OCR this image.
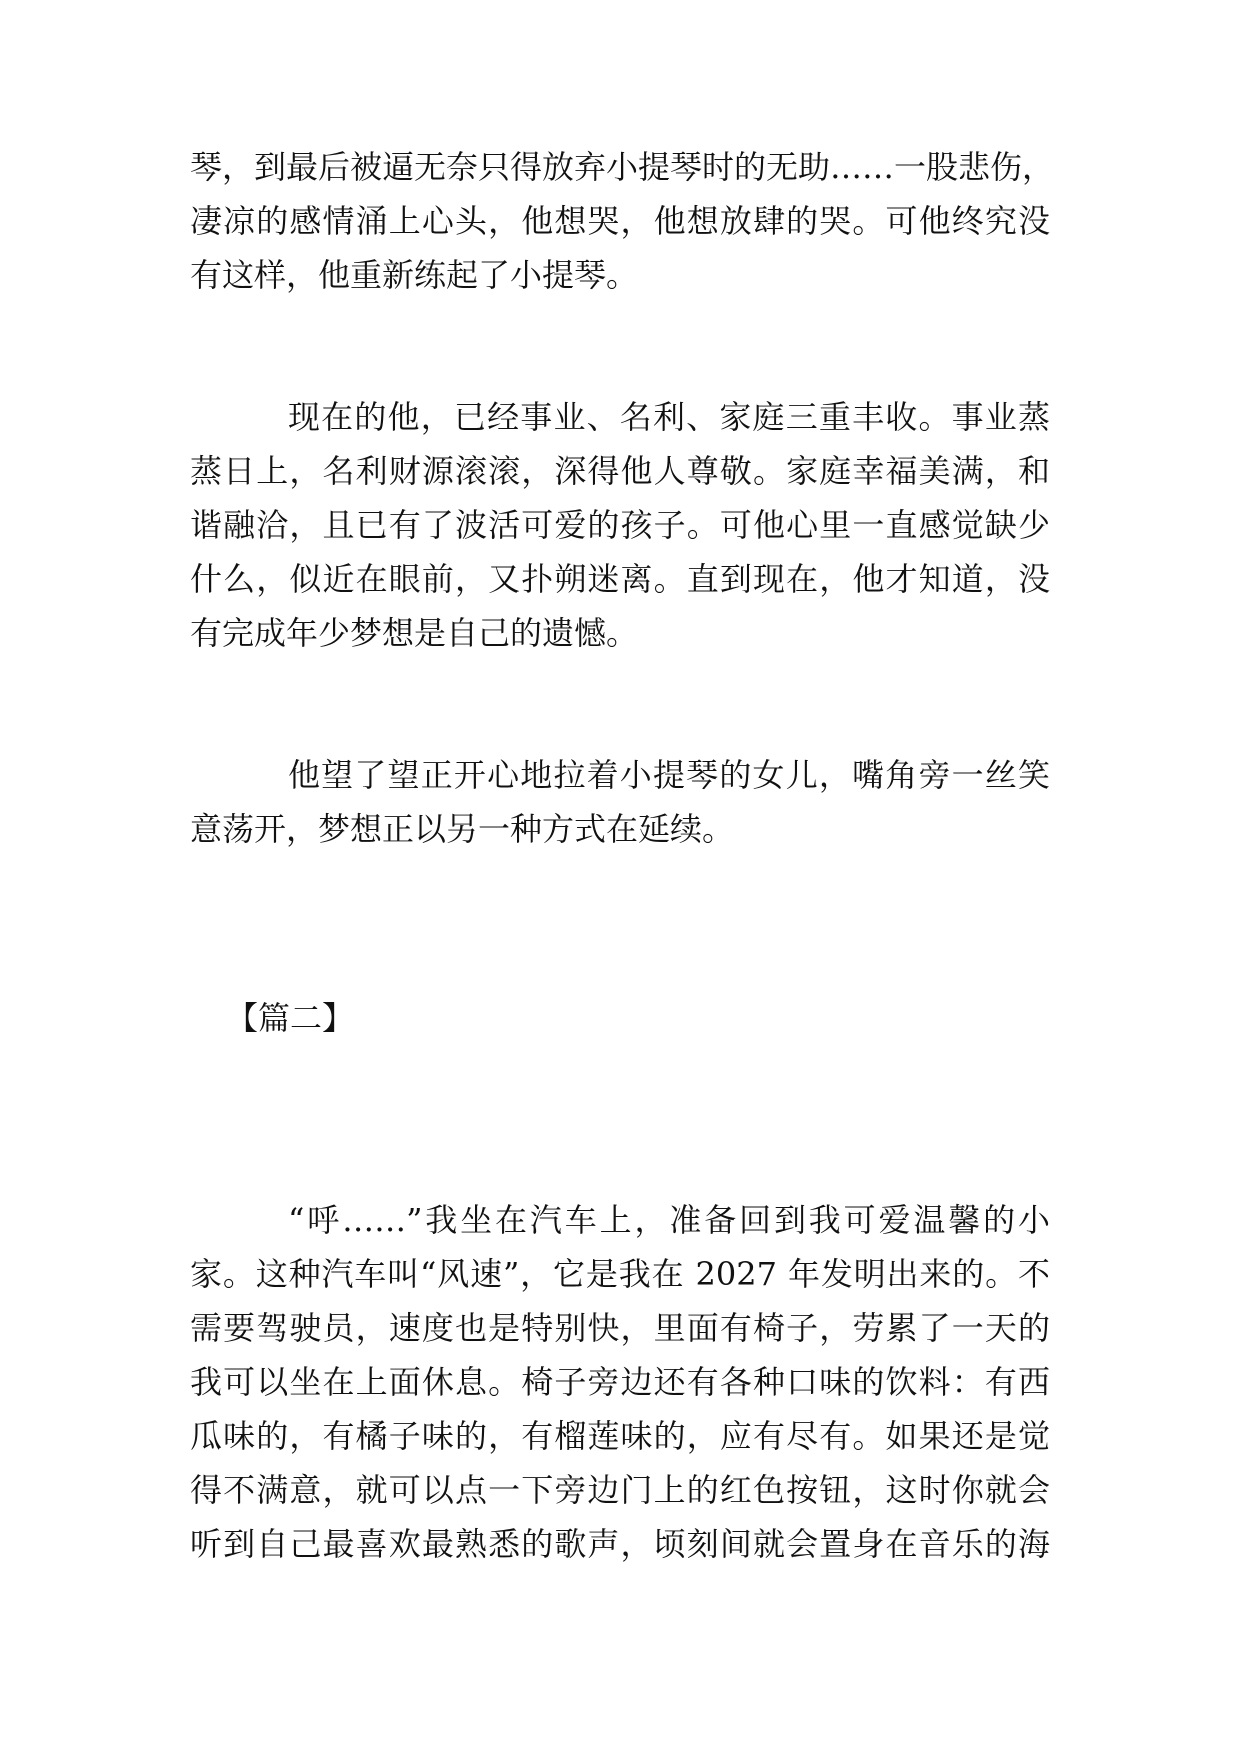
琴，到最后被逼无奈只得放弃小提琴时的无助……一股悲伤，
凄凉的感情涌上心头，他想哭，他想放肆的哭。可他终究没
有这样，他重新练起了小提琴。
现在的他，已经事业、名利、家庭三重丰收。事业蒸
蒸日上，名利财源滚滚，深得他人尊敬。家庭幸福美满，和
谐融洽，且已有了波活可爱的孩子。可他心里一直感觉缺少
什么，似近在眼前，又扑朔迷离。直到现在，他才知道，没
有完成年少梦想是自己的遗憾。
他望了望正开心地拉着小提琴的女儿，嘴角旁一丝笑
意荡开，梦想正以另一种方式在延续。
【篇二】
“呼……”我坐在汽车上，准备回到我可爱温馨的小
家。这种汽车叫“风速”，它是我在 2027 年发明出来的。不
需要驾驶员，速度也是特别快，里面有椅子，劳累了一天的
我可以坐在上面休息。椅子旁边还有各种口味的饮料：有西
瓜味的，有橘子味的，有榴莲味的，应有尽有。如果还是觉
得不满意，就可以点一下旁边门上的红色按钮，这时你就会
听到自己最喜欢最熟悉的歌声，顷刻间就会置身在音乐的海
